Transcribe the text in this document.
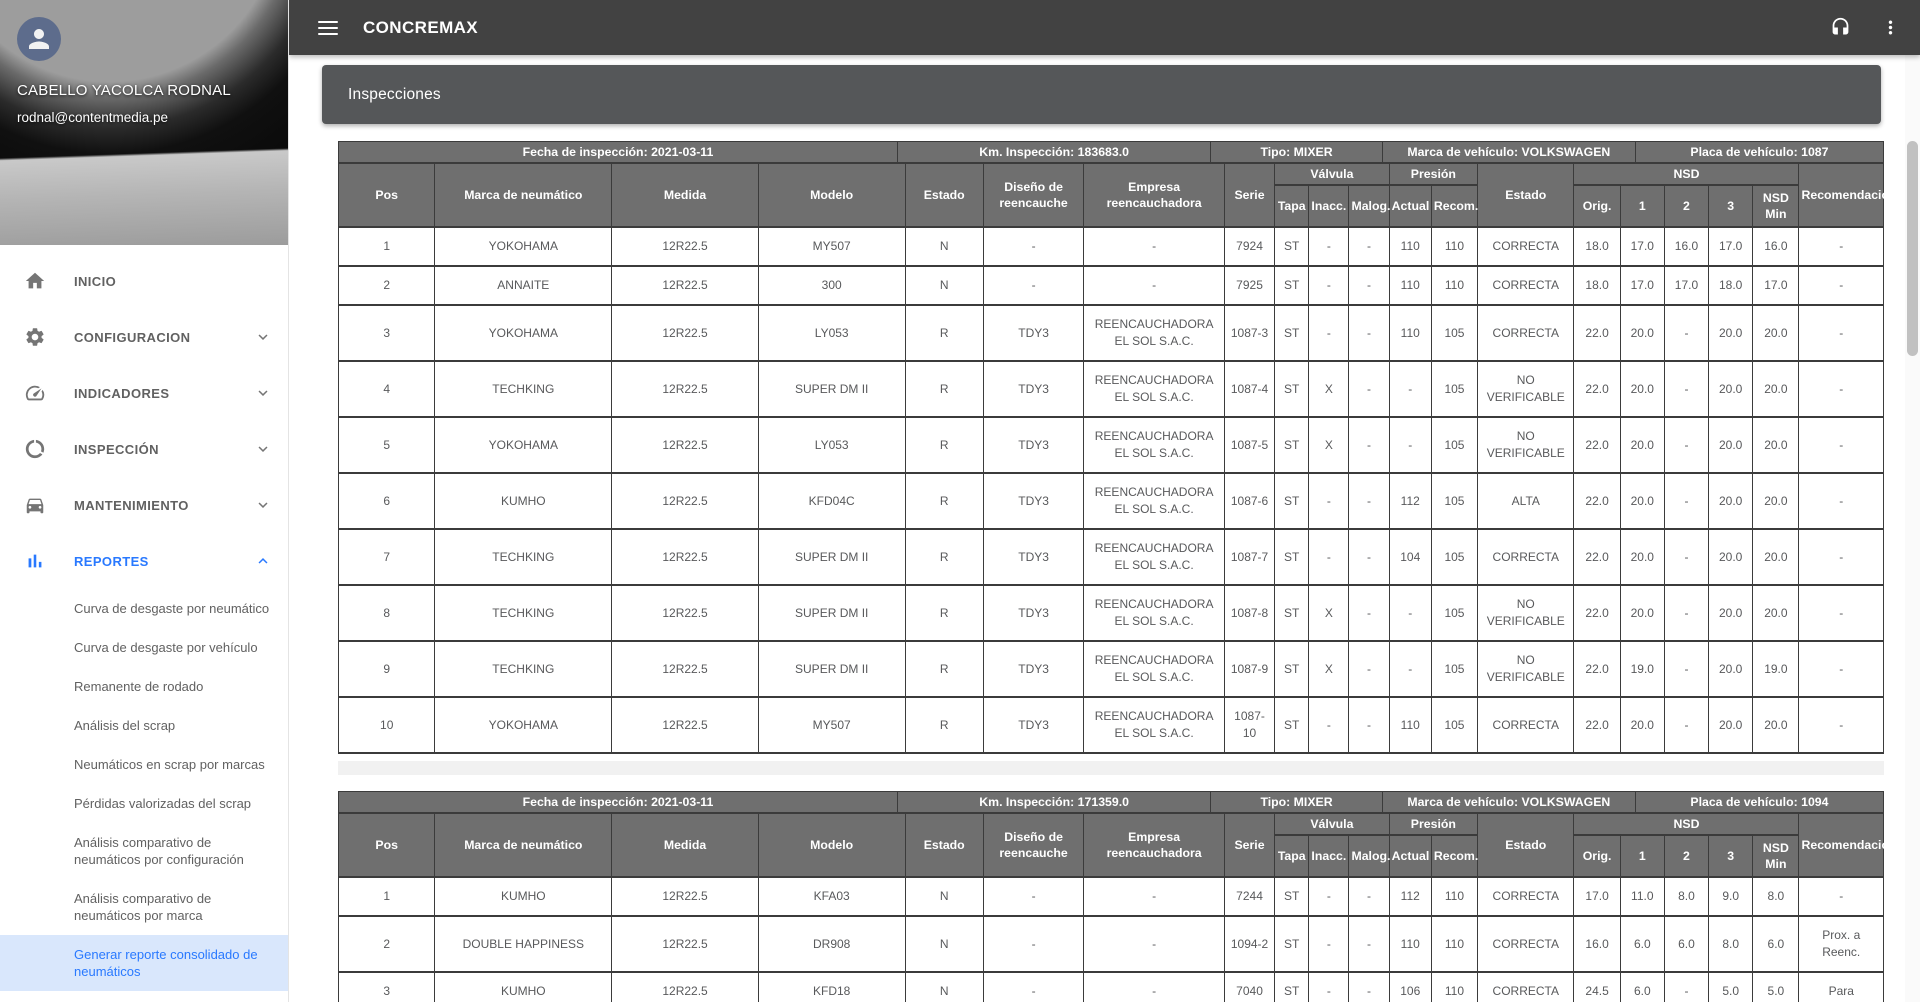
CABELLO YACOLCA RODNAL
rodnal@contentmedia.pe
INICIO
CONFIGURACION
INDICADORES
INSPECCIÓN
MANTENIMIENTO
REPORTES
Curva de desgaste por neumático
Curva de desgaste por vehículo
Remanente de rodado
Análisis del scrap
Neumáticos en scrap por marcas
Pérdidas valorizadas del scrap
Análisis comparativo de neumáticos por configuración
Análisis comparativo de neumáticos por marca
Generar reporte consolidado de neumáticos
CONCREMAX
Inspecciones
Fecha de inspección: 2021-03-11	Km. Inspección: 183683.0	Tipo: MIXER	Marca de vehículo: VOLKSWAGEN	Placa de vehículo: 1087
Pos	Marca de neumático	Medida	Modelo	Estado	Diseño de reencauche	Empresa reencauchadora	Serie	Válvula			Presión		Estado	NSD					Recomendación
								Tapa	Inacc.	Malog.	Actual	Recom.		Orig.	1	2	3	NSD Min	
1	YOKOHAMA	12R22.5	MY507	N	-	-	7924	ST	-	-	110	110	CORRECTA	18.0	17.0	16.0	17.0	16.0	-
2	ANNAITE	12R22.5	300	N	-	-	7925	ST	-	-	110	110	CORRECTA	18.0	17.0	17.0	18.0	17.0	-
3	YOKOHAMA	12R22.5	LY053	R	TDY3	REENCAUCHADORA EL SOL S.A.C.	1087-3	ST	-	-	110	105	CORRECTA	22.0	20.0	-	20.0	20.0	-
4	TECHKING	12R22.5	SUPER DM II	R	TDY3	REENCAUCHADORA EL SOL S.A.C.	1087-4	ST	X	-	-	105	NO VERIFICABLE	22.0	20.0	-	20.0	20.0	-
5	YOKOHAMA	12R22.5	LY053	R	TDY3	REENCAUCHADORA EL SOL S.A.C.	1087-5	ST	X	-	-	105	NO VERIFICABLE	22.0	20.0	-	20.0	20.0	-
6	KUMHO	12R22.5	KFD04C	R	TDY3	REENCAUCHADORA EL SOL S.A.C.	1087-6	ST	-	-	112	105	ALTA	22.0	20.0	-	20.0	20.0	-
7	TECHKING	12R22.5	SUPER DM II	R	TDY3	REENCAUCHADORA EL SOL S.A.C.	1087-7	ST	-	-	104	105	CORRECTA	22.0	20.0	-	20.0	20.0	-
8	TECHKING	12R22.5	SUPER DM II	R	TDY3	REENCAUCHADORA EL SOL S.A.C.	1087-8	ST	X	-	-	105	NO VERIFICABLE	22.0	20.0	-	20.0	20.0	-
9	TECHKING	12R22.5	SUPER DM II	R	TDY3	REENCAUCHADORA EL SOL S.A.C.	1087-9	ST	X	-	-	105	NO VERIFICABLE	22.0	19.0	-	20.0	19.0	-
10	YOKOHAMA	12R22.5	MY507	R	TDY3	REENCAUCHADORA EL SOL S.A.C.	1087-10	ST	-	-	110	105	CORRECTA	22.0	20.0	-	20.0	20.0	-
Fecha de inspección: 2021-03-11	Km. Inspección: 171359.0	Tipo: MIXER	Marca de vehículo: VOLKSWAGEN	Placa de vehículo: 1094
Pos	Marca de neumático	Medida	Modelo	Estado	Diseño de reencauche	Empresa reencauchadora	Serie	Válvula			Presión		Estado	NSD					Recomendación
								Tapa	Inacc.	Malog.	Actual	Recom.		Orig.	1	2	3	NSD Min	
1	KUMHO	12R22.5	KFA03	N	-	-	7244	ST	-	-	112	110	CORRECTA	17.0	11.0	8.0	9.0	8.0	-
2	DOUBLE HAPPINESS	12R22.5	DR908	N	-	-	1094-2	ST	-	-	110	110	CORRECTA	16.0	6.0	6.0	8.0	6.0	Prox. a Reenc.
3	KUMHO	12R22.5	KFD18	N	-	-	7040	ST	-	-	106	110	CORRECTA	24.5	6.0	-	5.0	5.0	Para
